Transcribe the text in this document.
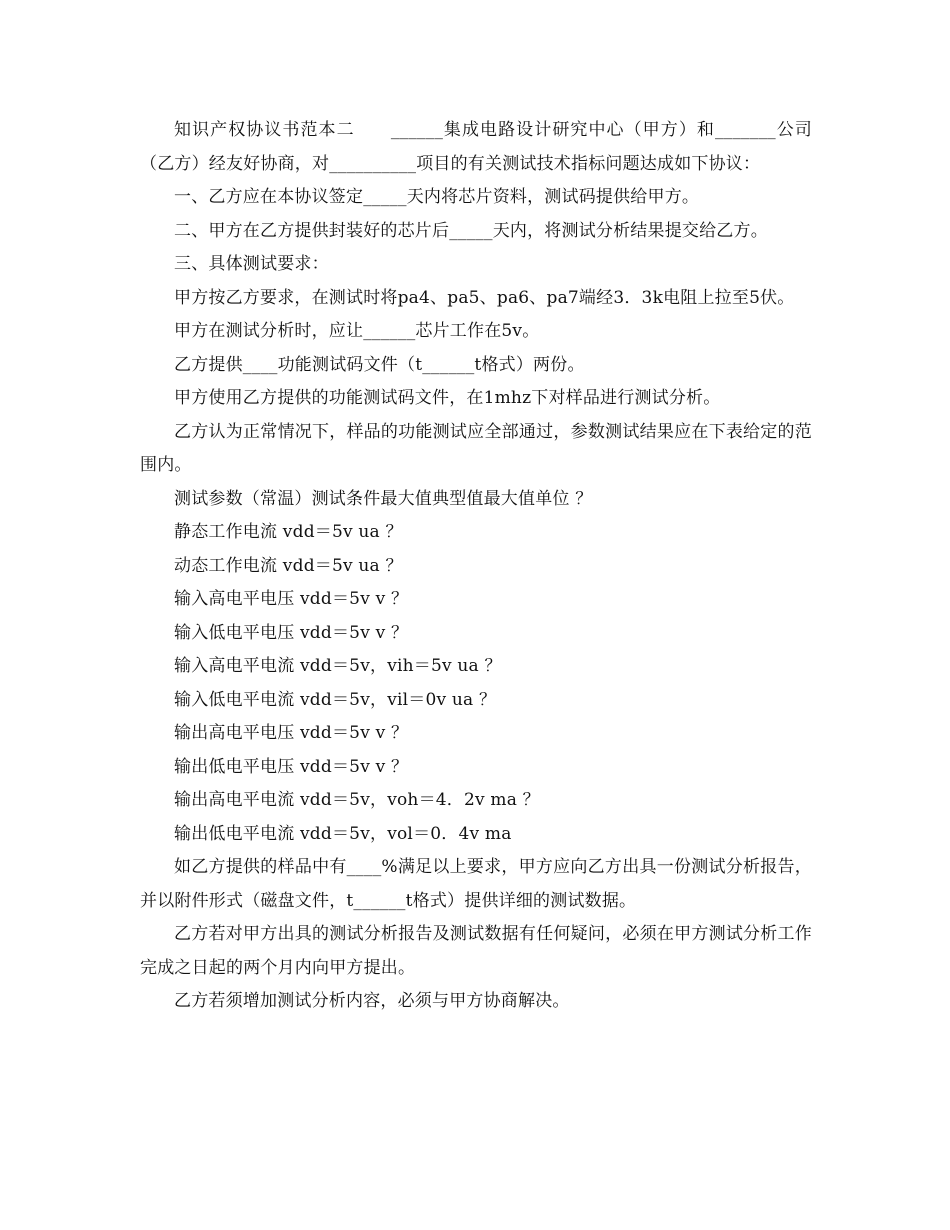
知识产权协议书范本二　　______集成电路设计研究中心（甲方）和_______公司（乙方）经友好协商，对__________项目的有关测试技术指标问题达成如下协议：

一、乙方应在本协议签定_____天内将芯片资料，测试码提供给甲方。

二、甲方在乙方提供封装好的芯片后_____天内，将测试分析结果提交给乙方。

三、具体测试要求：

甲方按乙方要求，在测试时将pa4、pa5、pa6、pa7端经3．3k电阻上拉至5伏。

甲方在测试分析时，应让______芯片工作在5v。

乙方提供____功能测试码文件（t______t格式）两份。

甲方使用乙方提供的功能测试码文件，在1mhz下对样品进行测试分析。

乙方认为正常情况下，样品的功能测试应全部通过，参数测试结果应在下表给定的范围内。

测试参数（常温）测试条件最大值典型值最大值单位 ？

静态工作电流 vdd＝5v ua ？

动态工作电流 vdd＝5v ua ？

输入高电平电压 vdd＝5v v ？

输入低电平电压 vdd＝5v v ？

输入高电平电流 vdd＝5v，vih＝5v ua ？

输入低电平电流 vdd＝5v，vil＝0v ua ？

输出高电平电压 vdd＝5v v ？

输出低电平电压 vdd＝5v v ？

输出高电平电流 vdd＝5v，voh＝4．2v ma ？

输出低电平电流 vdd＝5v，vol＝0．4v ma

如乙方提供的样品中有____%满足以上要求，甲方应向乙方出具一份测试分析报告，并以附件形式（磁盘文件，t______t格式）提供详细的测试数据。

乙方若对甲方出具的测试分析报告及测试数据有任何疑问，必须在甲方测试分析工作完成之日起的两个月内向甲方提出。

乙方若须增加测试分析内容，必须与甲方协商解决。
